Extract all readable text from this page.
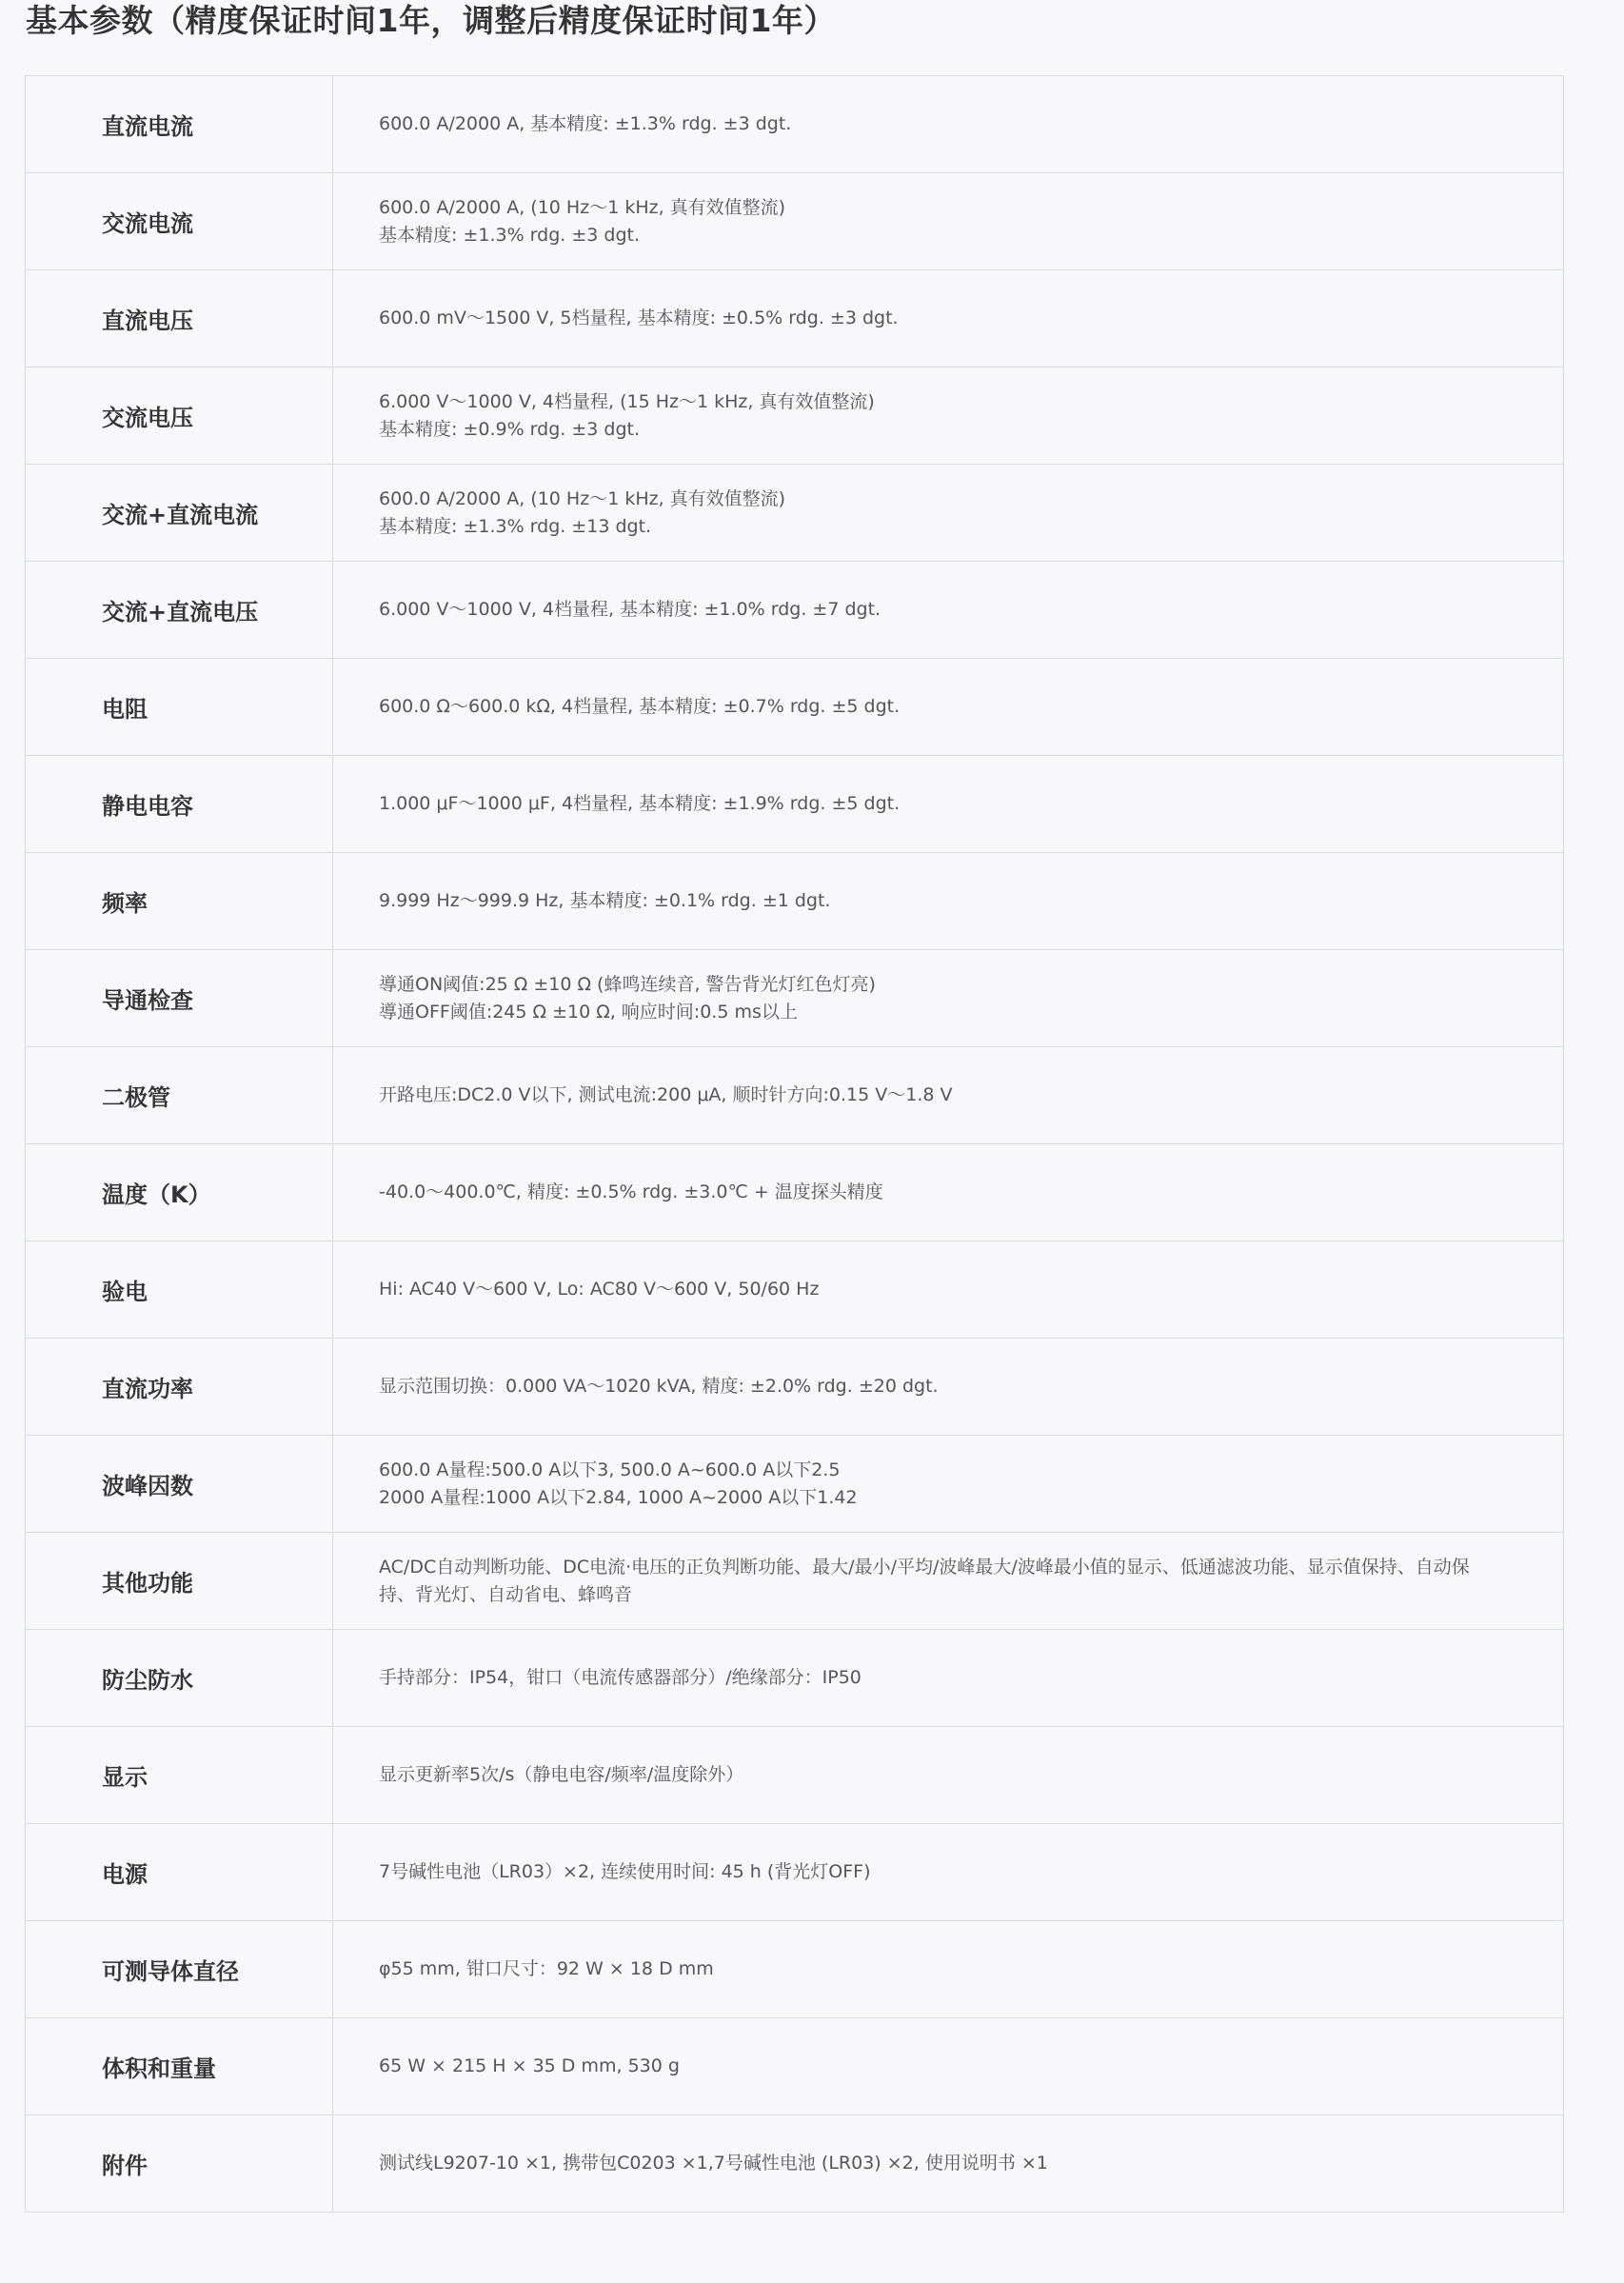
基本参数（精度保证时间1年，调整后精度保证时间1年）
直流电流	600.0 A/2000 A, 基本精度: ±1.3% rdg. ±3 dgt.

交流电流	600.0 A/2000 A, (10 Hz～1 kHz, 真有效值整流)
基本精度: ±1.3% rdg. ±3 dgt.

直流电压	600.0 mV～1500 V, 5档量程, 基本精度: ±0.5% rdg. ±3 dgt.

交流电压	6.000 V～1000 V, 4档量程, (15 Hz～1 kHz, 真有效值整流)
基本精度: ±0.9% rdg. ±3 dgt.

交流+直流电流	600.0 A/2000 A, (10 Hz～1 kHz, 真有效值整流)
基本精度: ±1.3% rdg. ±13 dgt.

交流+直流电压	6.000 V～1000 V, 4档量程, 基本精度: ±1.0% rdg. ±7 dgt.

电阻	600.0 Ω～600.0 kΩ, 4档量程, 基本精度: ±0.7% rdg. ±5 dgt.

静电电容	1.000 μF～1000 μF, 4档量程, 基本精度: ±1.9% rdg. ±5 dgt.

频率	9.999 Hz～999.9 Hz, 基本精度: ±0.1% rdg. ±1 dgt.

导通检查	導通ON阈值:25 Ω ±10 Ω (蜂鸣连续音, 警告背光灯红色灯亮)
導通OFF阈值:245 Ω ±10 Ω, 响应时间:0.5 ms以上

二极管	开路电压:DC2.0 V以下, 测试电流:200 μA, 顺时针方向:0.15 V～1.8 V

温度（K）	-40.0～400.0℃, 精度: ±0.5% rdg. ±3.0℃ + 温度探头精度

验电	Hi: AC40 V～600 V, Lo: AC80 V～600 V, 50/60 Hz

直流功率	显示范围切换：0.000 VA～1020 kVA, 精度: ±2.0% rdg. ±20 dgt.

波峰因数	600.0 A量程:500.0 A以下3, 500.0 A~600.0 A以下2.5
2000 A量程:1000 A以下2.84, 1000 A~2000 A以下1.42

其他功能	AC/DC自动判断功能、DC电流·电压的正负判断功能、最大/最小/平均/波峰最大/波峰最小值的显示、低通滤波功能、显示值保持、自动保持、背光灯、自动省电、蜂鸣音

防尘防水	手持部分：IP54，钳口（电流传感器部分）/绝缘部分：IP50

显示	显示更新率5次/s（静电电容/频率/温度除外）

电源	7号碱性电池（LR03）×2, 连续使用时间: 45 h (背光灯OFF)

可测导体直径	φ55 mm, 钳口尺寸：92 W × 18 D mm

体积和重量	65 W × 215 H × 35 D mm, 530 g

附件	测试线L9207-10 ×1, 携带包C0203 ×1,7号碱性电池 (LR03) ×2, 使用说明书 ×1
